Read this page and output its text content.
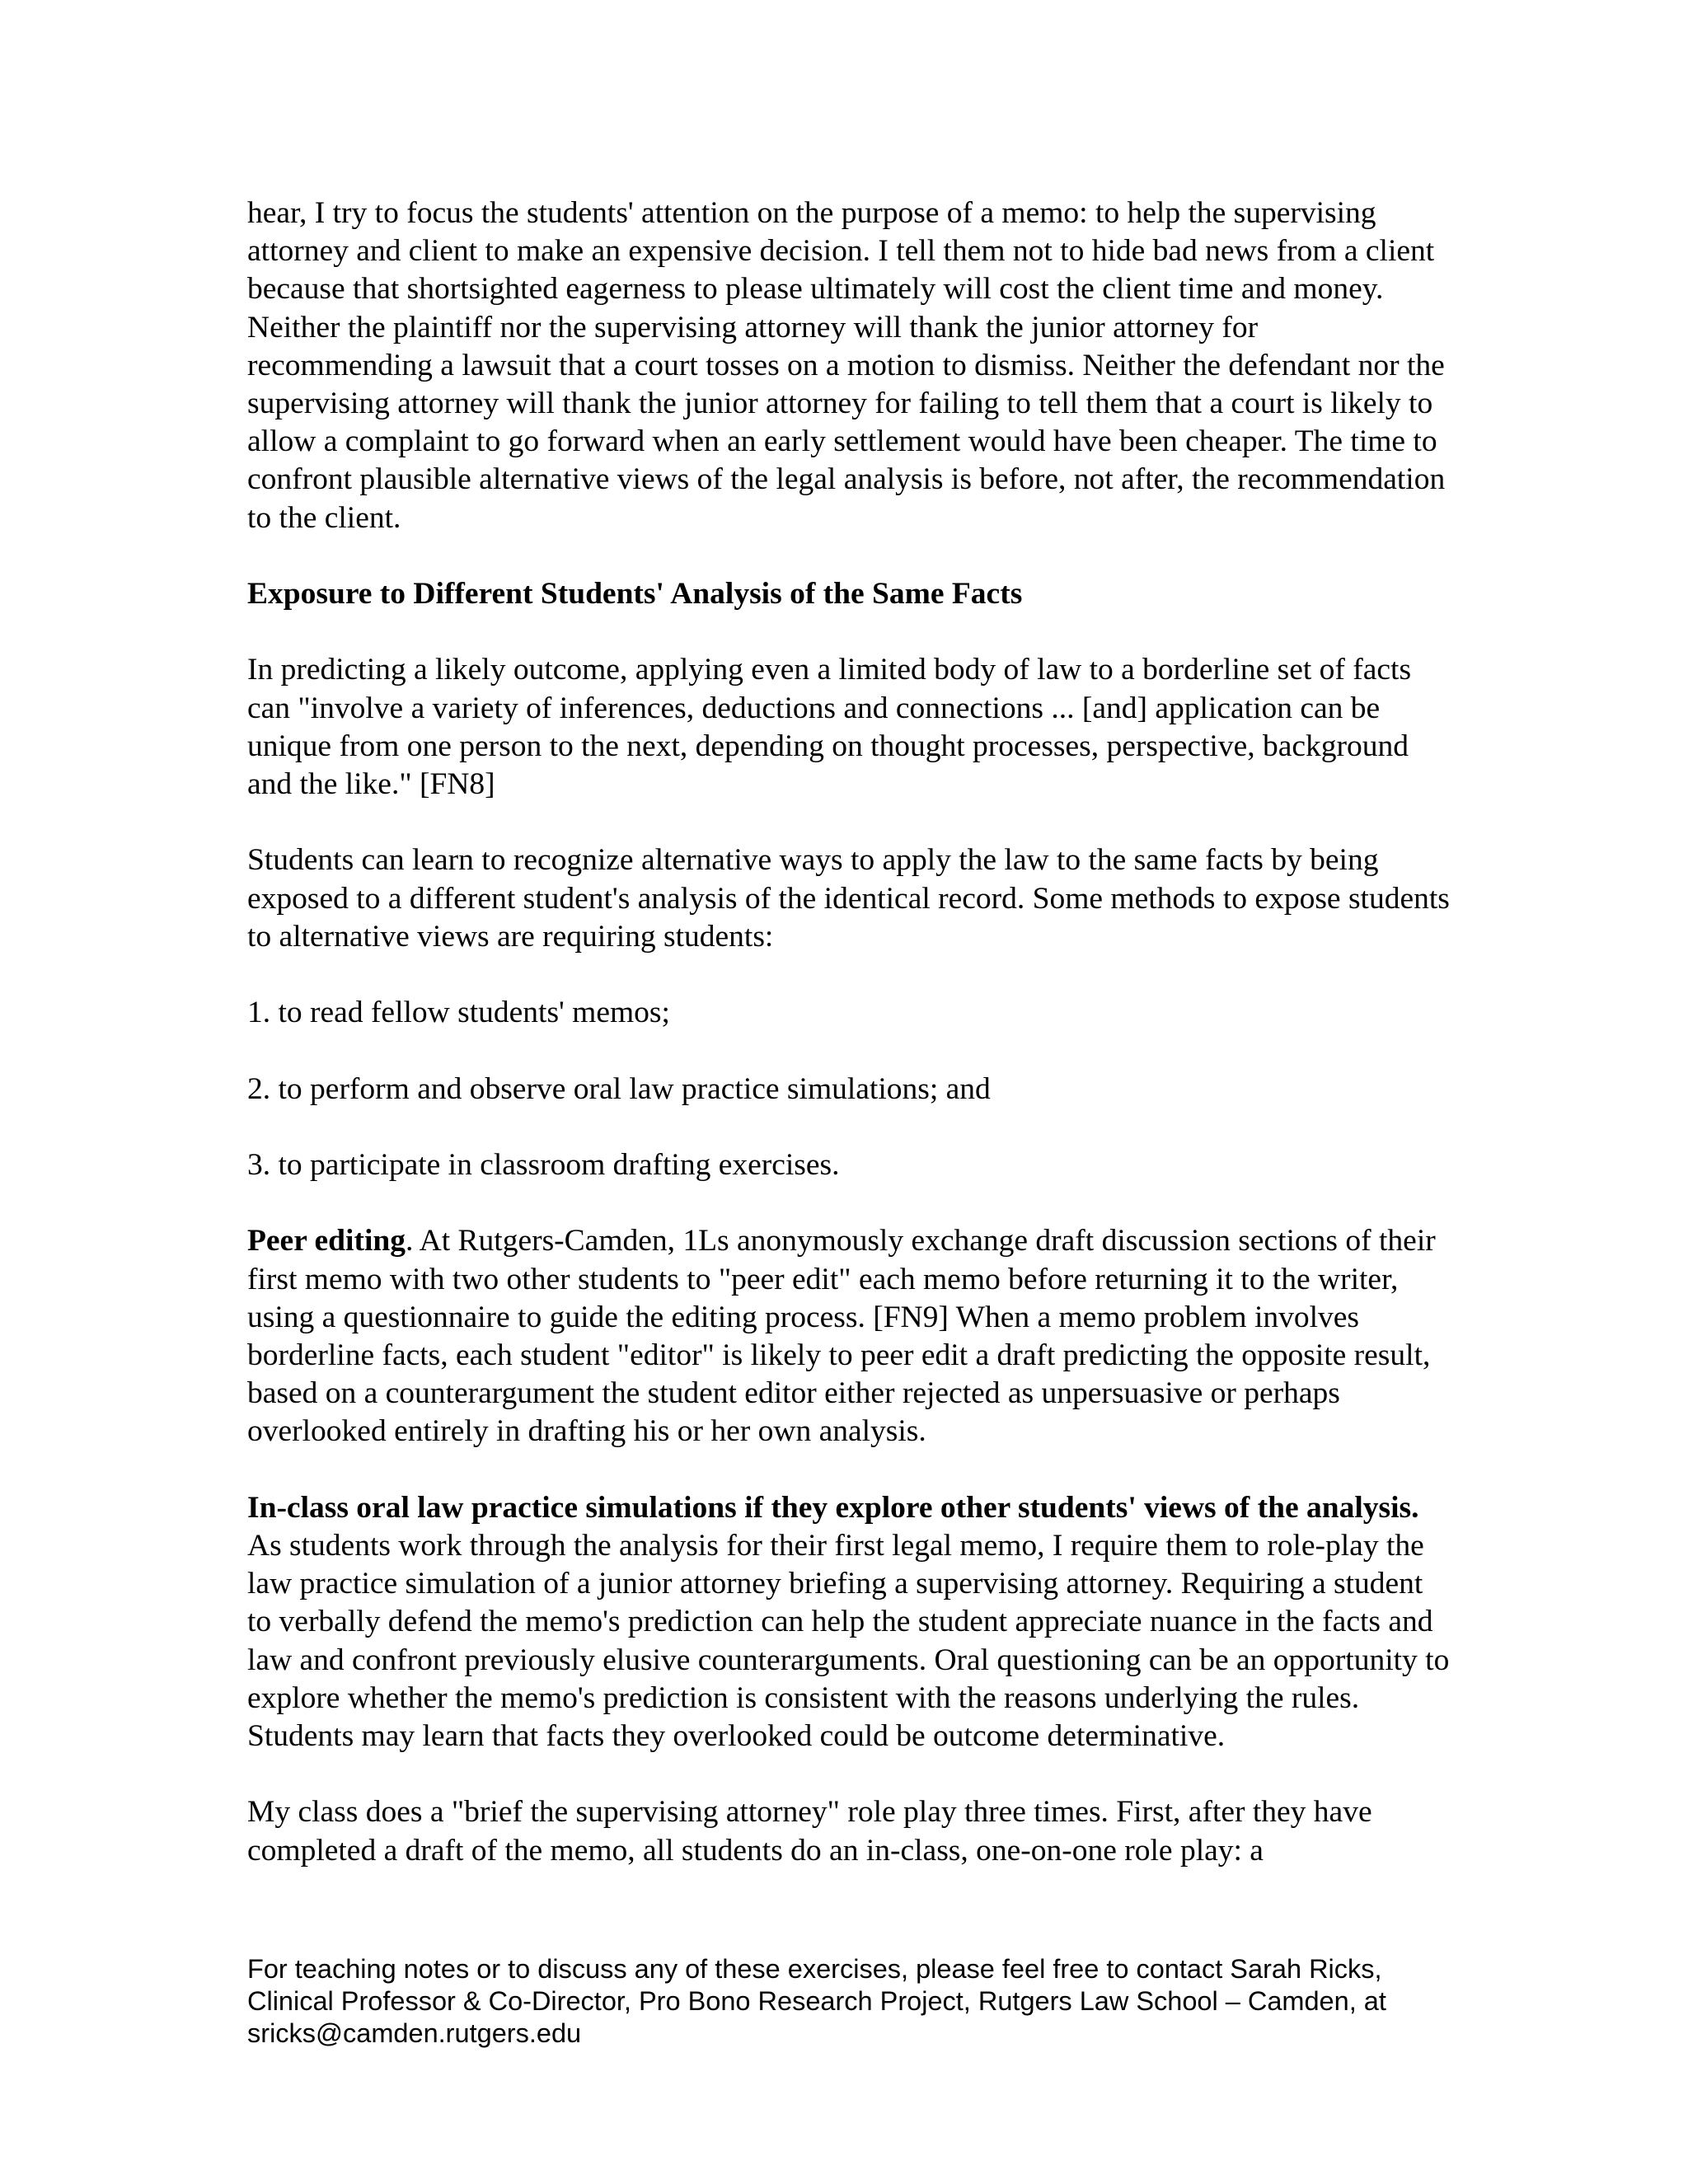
hear, I try to focus the students' attention on the purpose of a memo: to help the supervising attorney and client to make an expensive decision. I tell them not to hide bad news from a client because that shortsighted eagerness to please ultimately will cost the client time and money. Neither the plaintiff nor the supervising attorney will thank the junior attorney for recommending a lawsuit that a court tosses on a motion to dismiss. Neither the defendant nor the supervising attorney will thank the junior attorney for failing to tell them that a court is likely to allow a complaint to go forward when an early settlement would have been cheaper. The time to confront plausible alternative views of the legal analysis is before, not after, the recommendation to the client.

Exposure to Different Students' Analysis of the Same Facts

In predicting a likely outcome, applying even a limited body of law to a borderline set of facts can "involve a variety of inferences, deductions and connections ... [and] application can be unique from one person to the next, depending on thought processes, perspective, background and the like." [FN8]

Students can learn to recognize alternative ways to apply the law to the same facts by being exposed to a different student's analysis of the identical record. Some methods to expose students to alternative views are requiring students:

1. to read fellow students' memos;

2. to perform and observe oral law practice simulations; and

3. to participate in classroom drafting exercises.

Peer editing. At Rutgers-Camden, 1Ls anonymously exchange draft discussion sections of their first memo with two other students to "peer edit" each memo before returning it to the writer, using a questionnaire to guide the editing process. [FN9] When a memo problem involves borderline facts, each student "editor" is likely to peer edit a draft predicting the opposite result, based on a counterargument the student editor either rejected as unpersuasive or perhaps overlooked entirely in drafting his or her own analysis.

In-class oral law practice simulations if they explore other students' views of the analysis. As students work through the analysis for their first legal memo, I require them to role-play the law practice simulation of a junior attorney briefing a supervising attorney. Requiring a student to verbally defend the memo's prediction can help the student appreciate nuance in the facts and law and confront previously elusive counterarguments. Oral questioning can be an opportunity to explore whether the memo's prediction is consistent with the reasons underlying the rules. Students may learn that facts they overlooked could be outcome determinative.

My class does a "brief the supervising attorney" role play three times. First, after they have completed a draft of the memo, all students do an in-class, one-on-one role play: a

For teaching notes or to discuss any of these exercises, please feel free to contact Sarah Ricks,
Clinical Professor & Co-Director, Pro Bono Research Project, Rutgers Law School – Camden, at
sricks@camden.rutgers.edu
